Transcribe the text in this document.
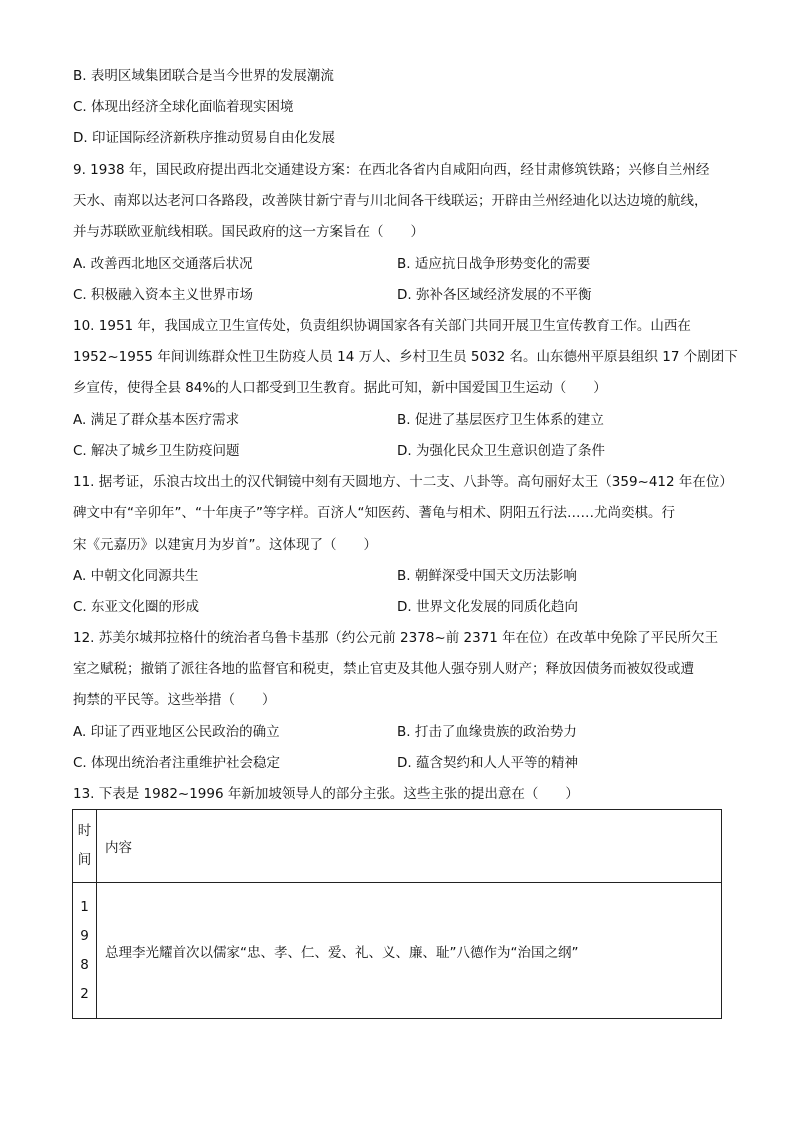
B. 表明区域集团联合是当今世界的发展潮流
C. 体现出经济全球化面临着现实困境
D. 印证国际经济新秩序推动贸易自由化发展
9. 1938 年，国民政府提出西北交通建设方案：在西北各省内自咸阳向西，经甘肃修筑铁路；兴修自兰州经
天水、南郑以达老河口各路段，改善陕甘新宁青与川北间各干线联运；开辟由兰州经迪化以达边境的航线，
并与苏联欧亚航线相联。国民政府的这一方案旨在（　　）
A. 改善西北地区交通落后状况	B. 适应抗日战争形势变化的需要
C. 积极融入资本主义世界市场	D. 弥补各区域经济发展的不平衡
10. 1951 年，我国成立卫生宣传处，负责组织协调国家各有关部门共同开展卫生宣传教育工作。山西在
1952~1955 年间训练群众性卫生防疫人员 14 万人、乡村卫生员 5032 名。山东德州平原县组织 17 个剧团下
乡宣传，使得全县 84%的人口都受到卫生教育。据此可知，新中国爱国卫生运动（　　）
A. 满足了群众基本医疗需求	B. 促进了基层医疗卫生体系的建立
C. 解决了城乡卫生防疫问题	D. 为强化民众卫生意识创造了条件
11. 据考证，乐浪古坟出土的汉代铜镜中刻有天圆地方、十二支、八卦等。高句丽好太王（359~412 年在位）
碑文中有“辛卯年”、“十年庚子”等字样。百济人“知医药、蓍龟与相术、阴阳五行法……尤尚奕棋。行
宋《元嘉历》以建寅月为岁首”。这体现了（　　）
A. 中朝文化同源共生	B. 朝鲜深受中国天文历法影响
C. 东亚文化圈的形成	D. 世界文化发展的同质化趋向
12. 苏美尔城邦拉格什的统治者乌鲁卡基那（约公元前 2378~前 2371 年在位）在改革中免除了平民所欠王
室之赋税；撤销了派往各地的监督官和税吏，禁止官吏及其他人强夺别人财产；释放因债务而被奴役或遭
拘禁的平民等。这些举措（　　）
A. 印证了西亚地区公民政治的确立	B. 打击了血缘贵族的政治势力
C. 体现出统治者注重维护社会稳定	D. 蕴含契约和人人平等的精神
13. 下表是 1982~1996 年新加坡领导人的部分主张。这些主张的提出意在（　　）
时
间	内容

1
9
8
2	总理李光耀首次以儒家“忠、孝、仁、爱、礼、义、廉、耻”八德作为“治国之纲”
